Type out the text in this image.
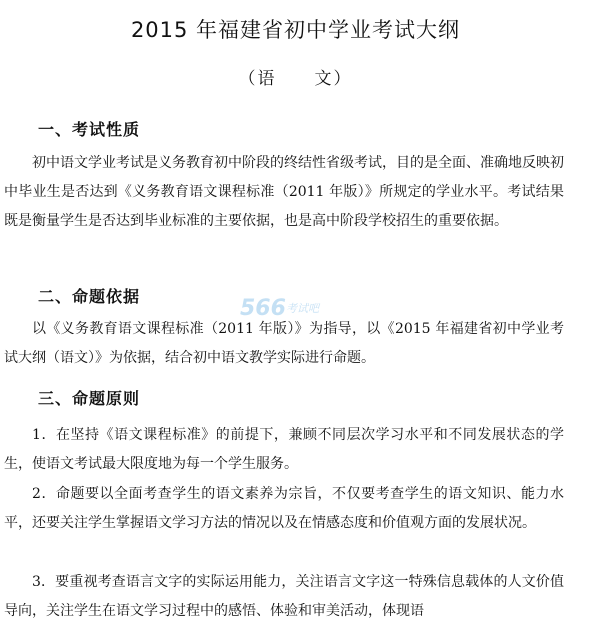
2015 年福建省初中学业考试大纲
（语　　文）
一、考试性质

初中语文学业考试是义务教育初中阶段的终结性省级考试，目的是全面、准确地反映初中毕业生是否达到《义务教育语文课程标准（2011 年版）》所规定的学业水平。考试结果既是衡量学生是否达到毕业标准的主要依据，也是高中阶段学校招生的重要依据。

二、命题依据

以《义务教育语文课程标准（2011 年版）》为指导，以《2015 年福建省初中学业考试大纲（语文）》为依据，结合初中语文教学实际进行命题。

三、命题原则

1．在坚持《语文课程标准》的前提下，兼顾不同层次学习水平和不同发展状态的学生，使语文考试最大限度地为每一个学生服务。

2．命题要以全面考查学生的语文素养为宗旨，不仅要考查学生的语文知识、能力水平，还要关注学生掌握语文学习方法的情况以及在情感态度和价值观方面的发展状况。

3．要重视考查语言文字的实际运用能力，关注语言文字这一特殊信息载体的人文价值导向，关注学生在语文学习过程中的感悟、体验和审美活动，体现语

566 考试吧
